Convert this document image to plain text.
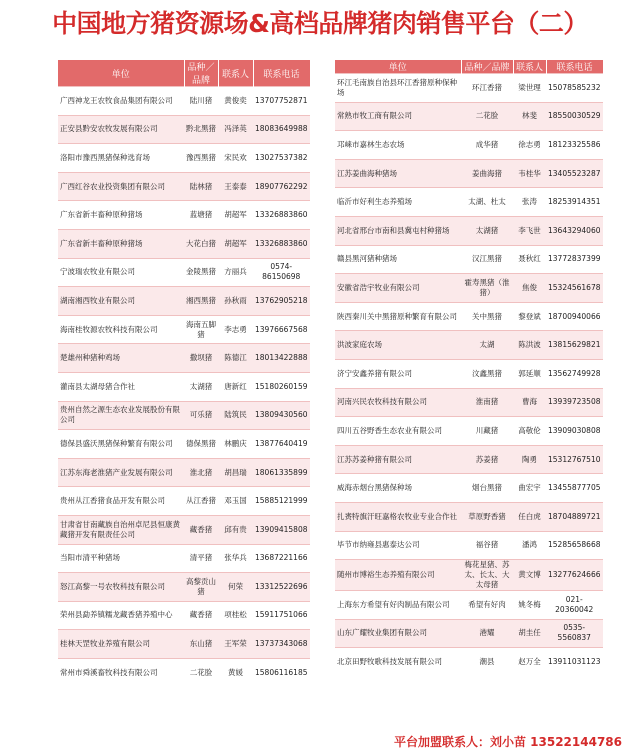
中国地方猪资源场&高档品牌猪肉销售平台（二）
单位	品种／品牌	联系人	联系电话
广西神龙王农牧食品集团有限公司	陆川猪	黄俊奕	13707752871
正安县黔安农牧发展有限公司	黔北黑猪	冯泽英	18083649988
洛阳市豫西黑猪保种选育场	豫西黑猪	宋民欢	13027537382
广西红谷农业投资集团有限公司	陆林猪	王泰泰	18907762292
广东省新丰畜种原种猪场	蓝塘猪	胡超军	13326883860
广东省新丰畜种原种猪场	大花白猪	胡超军	13326883860
宁波瑞农牧业有限公司	金陵黑猪	方丽兵	0574-86150698
湖南湘西牧业有限公司	湘西黑猪	孙秋雨	13762905218
海南桂牧源农牧科技有限公司	海南五脚猪	李志勇	13976667568
楚雄州种猪种鸡场	撒坝猪	陈德江	18013422888
灌南县太湖母猪合作社	太湖猪	唐新红	15180260159
贵州自然之源生态农业发展股份有限公司	可乐猪	陆筑民	13809430560
德保县盛沃黑猪保种繁育有限公司	德保黑猪	林鹏庆	13877640419
江苏东海老淮猪产业发展有限公司	淮北猪	胡昌瑞	18061335899
贵州从江香猪食品开发有限公司	从江香猪	邓玉国	15885121999
甘肃省甘南藏族自治州卓尼县恒康黄藏猪开发有限责任公司	藏香猪	邱有贵	13909415808
当阳市清平种猪场	清平猪	张华兵	13687221166
怒江高黎一号农牧科技有限公司	高黎贡山猪	何荣	13312522696
荣州县勐养镇糯龙藏香猪养殖中心	藏香猪	项桂松	15911751066
桂林天罡牧业养殖有限公司	东山猪	王军荣	13737343068
常州市舜溪畜牧科技有限公司	二花脸	黄媛	15806116185
单位	品种／品牌	联系人	联系电话
环江毛南族自治县环江香猪原种保种场	环江香猪	梁世理	15078585232
常熟市牧工商有限公司	二花脸	林斐	18550030529
邛崃市嘉林生态农场	成华猪	徐志勇	18123325586
江苏姜曲海种猪场	姜曲海猪	韦桂华	13405523287
临沂市好利生态养殖场	太湖、杜太	张涛	18253914351
河北省邢台市南和县冀屯村种猪场	太湖猪	李飞世	13643294060
赣县黑河猪种猪场	汉江黑猪	聂秋红	13772837399
安徽省浩宇牧业有限公司	霍寿黑猪（淮猪）	焦俊	15324561678
陕西秦川关中黑猪原种繁育有限公司	关中黑猪	黎登斌	18700940066
洪波家庭农场	太湖	陈洪波	13815629821
济宁安鑫养猪有限公司	汶鑫黑猪	郭延顺	13562749928
河南兴民农牧科技有限公司	淮南猪	曹海	13939723508
四川五谷野香生态农业有限公司	川藏猪	高敬伦	13909030808
江苏苏姜种猪有限公司	苏姜猪	陶勇	15312767510
威海赤烟台黑猪保种场	烟台黑猪	曲宏宇	13455877705
扎赉特旗汗旺嘉格农牧业专业合作社	草原野香猪	任白虎	18704889721
毕节市纳雍县惠泰达公司	福谷猪	潘鸿	15285658668
随州市博裕生态养殖有限公司	梅花星猪、苏太、长太、大太母猪	黄文博	13277624666
上海东方希望有好肉制品有限公司	希望有好肉	姚冬梅	021-20360042
山东广耀牧业集团有限公司	港耀	胡圭任	0535-5560837
北京田野牧歌科技发展有限公司	潮县	赵万全	13911031123
平台加盟联系人：刘小苗 13522144786
